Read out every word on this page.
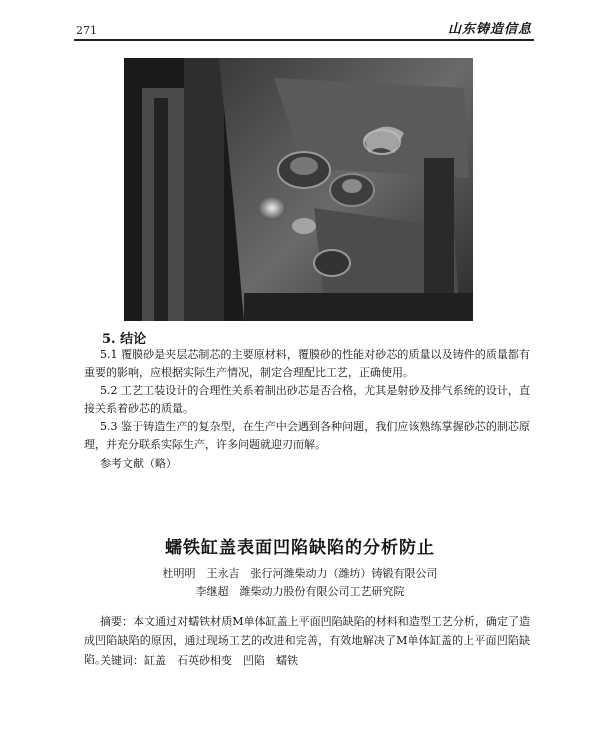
271	山东铸造信息
5. 结论
5.1 覆膜砂是夹层芯制芯的主要原材料，覆膜砂的性能对砂芯的质量以及铸件的质量都有重要的影响，应根据实际生产情况，制定合理配比工艺，正确使用。
5.2 工艺工装设计的合理性关系着制出砂芯是否合格，尤其是射砂及排气系统的设计，直接关系着砂芯的质量。
5.3 鉴于铸造生产的复杂型，在生产中会遇到各种问题，我们应该熟练掌握砂芯的制芯原理，并充分联系实际生产，许多问题就迎刃而解。
参考文献（略）
蠕铁缸盖表面凹陷缺陷的分析防止
杜明明　王永吉　张行河潍柴动力（潍坊）铸锻有限公司
李继超　潍柴动力股份有限公司工艺研究院
摘要：本文通过对蠕铁材质M单体缸盖上平面凹陷缺陷的材料和造型工艺分析，确定了造成凹陷缺陷的原因，通过现场工艺的改进和完善，有效地解决了M单体缸盖的上平面凹陷缺陷。
关键词：缸盖　石英砂相变　凹陷　蠕铁
